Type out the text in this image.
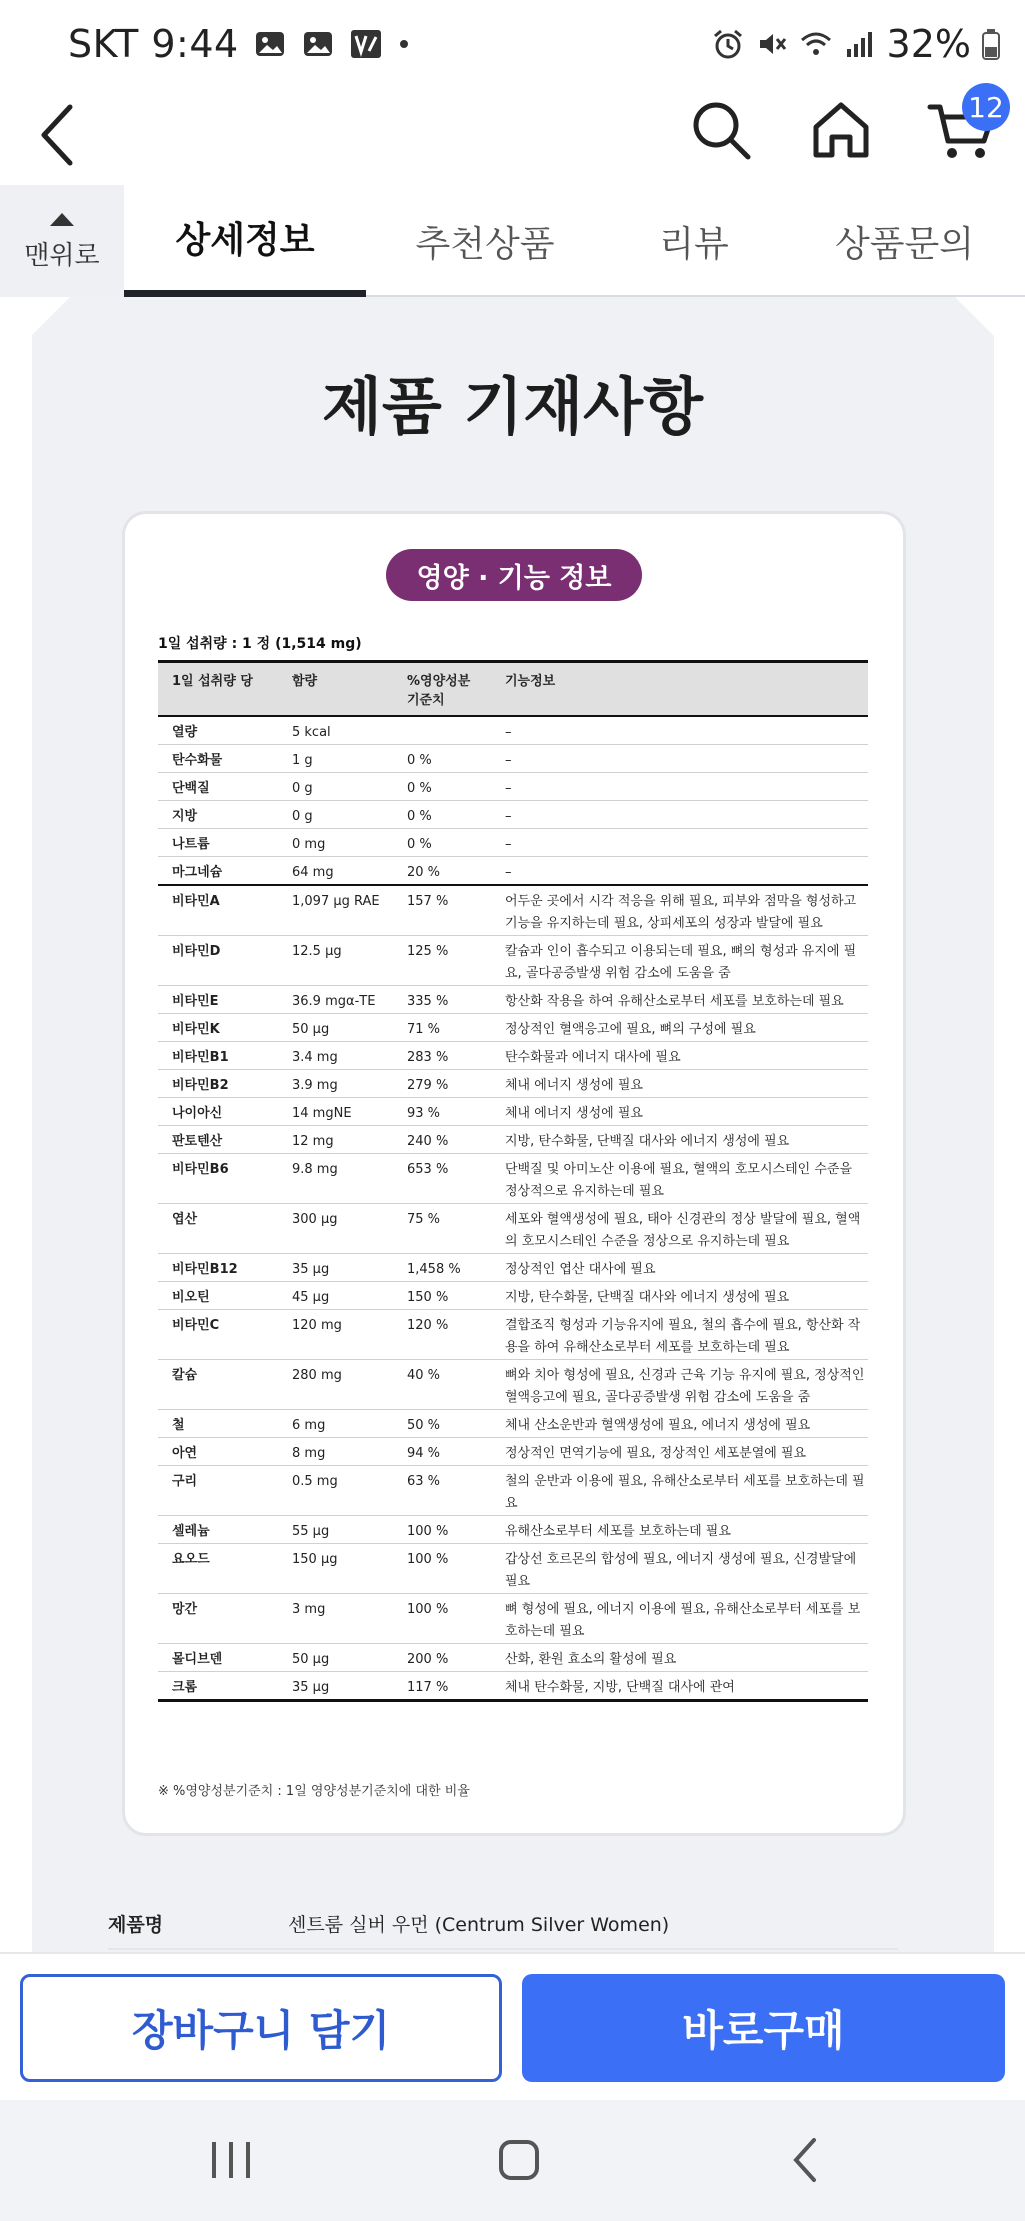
SKT 9:44	32%
12
맨위로	상세정보	추천상품	리뷰	상품문의
제품 기재사항
영양 · 기능 정보
1일 섭취량 : 1 정 (1,514 mg)
1일 섭취량 당	함량	%영양성분 기준치	기능정보
열량	5 kcal		–
탄수화물	1 g	0 %	–
단백질	0 g	0 %	–
지방	0 g	0 %	–
나트륨	0 mg	0 %	–
마그네슘	64 mg	20 %	–
비타민A	1,097 μg RAE	157 %	어두운 곳에서 시각 적응을 위해 필요, 피부와 점막을 형성하고 기능을 유지하는데 필요, 상피세포의 성장과 발달에 필요
비타민D	12.5 μg	125 %	칼슘과 인이 흡수되고 이용되는데 필요, 뼈의 형성과 유지에 필요, 골다공증발생 위험 감소에 도움을 줌
비타민E	36.9 mgα-TE	335 %	항산화 작용을 하여 유해산소로부터 세포를 보호하는데 필요
비타민K	50 μg	71 %	정상적인 혈액응고에 필요, 뼈의 구성에 필요
비타민B1	3.4 mg	283 %	탄수화물과 에너지 대사에 필요
비타민B2	3.9 mg	279 %	체내 에너지 생성에 필요
나이아신	14 mgNE	93 %	체내 에너지 생성에 필요
판토텐산	12 mg	240 %	지방, 탄수화물, 단백질 대사와 에너지 생성에 필요
비타민B6	9.8 mg	653 %	단백질 및 아미노산 이용에 필요, 혈액의 호모시스테인 수준을 정상적으로 유지하는데 필요
엽산	300 μg	75 %	세포와 혈액생성에 필요, 태아 신경관의 정상 발달에 필요, 혈액의 호모시스테인 수준을 정상으로 유지하는데 필요
비타민B12	35 μg	1,458 %	정상적인 엽산 대사에 필요
비오틴	45 μg	150 %	지방, 탄수화물, 단백질 대사와 에너지 생성에 필요
비타민C	120 mg	120 %	결합조직 형성과 기능유지에 필요, 철의 흡수에 필요, 항산화 작용을 하여 유해산소로부터 세포를 보호하는데 필요
칼슘	280 mg	40 %	뼈와 치아 형성에 필요, 신경과 근육 기능 유지에 필요, 정상적인 혈액응고에 필요, 골다공증발생 위험 감소에 도움을 줌
철	6 mg	50 %	체내 산소운반과 혈액생성에 필요, 에너지 생성에 필요
아연	8 mg	94 %	정상적인 면역기능에 필요, 정상적인 세포분열에 필요
구리	0.5 mg	63 %	철의 운반과 이용에 필요, 유해산소로부터 세포를 보호하는데 필요
셀레늄	55 μg	100 %	유해산소로부터 세포를 보호하는데 필요
요오드	150 μg	100 %	갑상선 호르몬의 합성에 필요, 에너지 생성에 필요, 신경발달에 필요
망간	3 mg	100 %	뼈 형성에 필요, 에너지 이용에 필요, 유해산소로부터 세포를 보호하는데 필요
몰디브덴	50 μg	200 %	산화, 환원 효소의 활성에 필요
크롬	35 μg	117 %	체내 탄수화물, 지방, 단백질 대사에 관여
※ %영양성분기준치 : 1일 영양성분기준치에 대한 비율
제품명	센트룸 실버 우먼 (Centrum Silver Women)
장바구니 담기	바로구매
